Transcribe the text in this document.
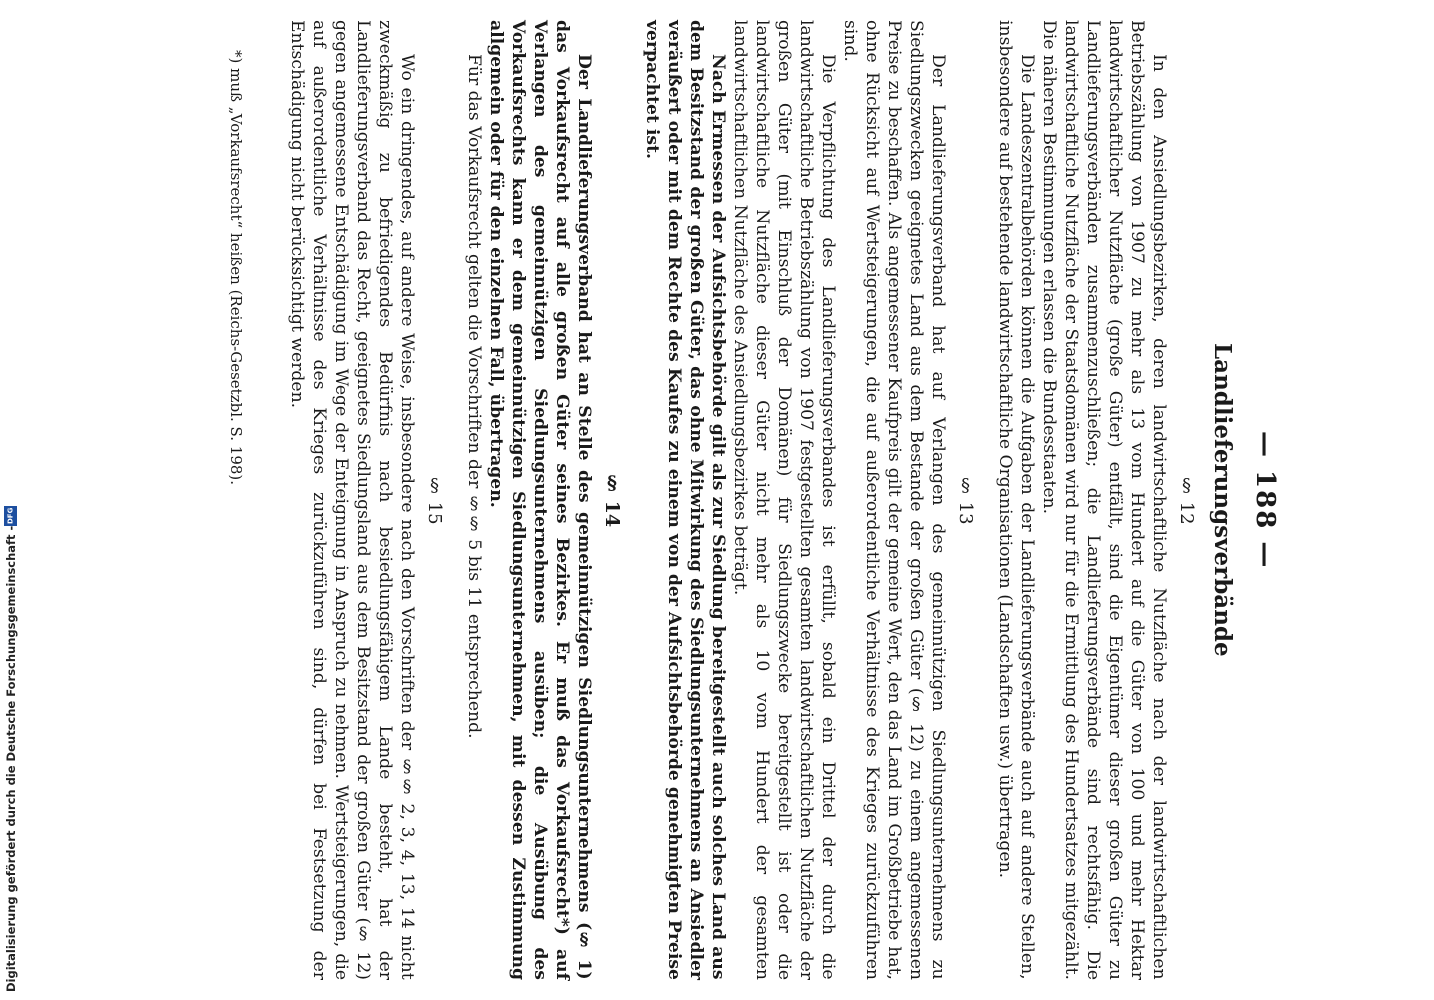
— 188 —
Landlieferungsverbände
§ 12

In den Ansiedlungsbezirken, deren landwirtschaftliche Nutzfläche nach der landwirtschaftlichen Betriebszählung von 1907 zu mehr als 13 vom Hundert auf die Güter von 100 und mehr Hektar landwirtschaftlicher Nutzfläche (große Güter) entfällt, sind die Eigentümer dieser großen Güter zu Landlieferungsverbänden zusammenzuschließen; die Landlieferungsverbände sind rechtsfähig. Die landwirtschaftliche Nutzfläche der Staatsdomänen wird nur für die Ermittlung des Hundertsatzes mitgezählt. Die näheren Bestimmungen erlassen die Bundesstaaten.

Die Landeszentralbehörden können die Aufgaben der Landlieferungsverbände auch auf andere Stellen, insbesondere auf bestehende landwirtschaftliche Organisationen (Landschaften usw.) übertragen.

§ 13

Der Landlieferungsverband hat auf Verlangen des gemeinnützigen Siedlungsunternehmens zu Siedlungszwecken geeignetes Land aus dem Bestande der großen Güter (§ 12) zu einem angemessenen Preise zu beschaffen. Als angemessener Kaufpreis gilt der gemeine Wert, den das Land im Großbetriebe hat, ohne Rücksicht auf Wertsteigerungen, die auf außerordentliche Verhältnisse des Krieges zurückzuführen sind.

Die Verpflichtung des Landlieferungsverbandes ist erfüllt, sobald ein Drittel der durch die landwirtschaftliche Betriebszählung von 1907 festgestellten gesamten landwirtschaftlichen Nutzfläche der großen Güter (mit Einschluß der Domänen) für Siedlungszwecke bereitgestellt ist oder die landwirtschaftliche Nutzfläche dieser Güter nicht mehr als 10 vom Hundert der gesamten landwirtschaftlichen Nutzfläche des Ansiedlungsbezirkes beträgt.

Nach Ermessen der Aufsichtsbehörde gilt als zur Siedlung bereitgestellt auch solches Land aus dem Besitzstand der großen Güter, das ohne Mitwirkung des Siedlungsunternehmens an Ansiedler veräußert oder mit dem Rechte des Kaufes zu einem von der Aufsichtsbehörde genehmigten Preise verpachtet ist.

§ 14

Der Landlieferungsverband hat an Stelle des gemeinnützigen Siedlungsunternehmens (§ 1) das Vorkaufsrecht auf alle großen Güter seines Bezirkes. Er muß das Vorkaufsrecht*) auf Verlangen des gemeinnützigen Siedlungsunternehmens ausüben; die Ausübung des Vorkaufsrechts kann er dem gemeinnützigen Siedlungsunternehmen, mit dessen Zustimmung allgemein oder für den einzelnen Fall, übertragen.

Für das Vorkaufsrecht gelten die Vorschriften der §§ 5 bis 11 entsprechend.

§ 15

Wo ein dringendes, auf andere Weise, insbesondere nach den Vorschriften der §§ 2, 3, 4, 13, 14 nicht zweckmäßig zu befriedigendes Bedürfnis nach besiedlungsfähigem Lande besteht, hat der Landlieferungsverband das Recht, geeignetes Siedlungsland aus dem Besitzstand der großen Güter (§ 12) gegen angemessene Entschädigung im Wege der Enteignung in Anspruch zu nehmen. Wertsteigerungen, die auf außerordentliche Verhältnisse des Krieges zurückzuführen sind, dürfen bei Festsetzung der Entschädigung nicht berücksichtigt werden.

*) muß „Vorkaufsrecht“ heißen (Reichs-Gesetzbl. S. 198).
Digitalisierung gefördert durch die Deutsche Forschungsgemeinschaft -
DFG
